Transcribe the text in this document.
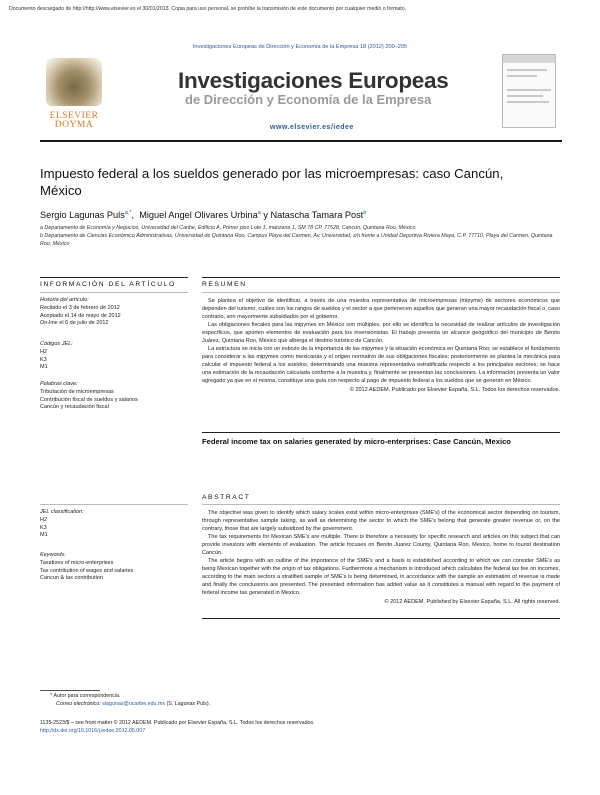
Documento descargado de http://http://www.elsevier.es el 30/01/2013. Copia para uso personal, se prohíbe la transmisión de este documento por cualquier medio o formato.
Investigaciones Europeas de Dirección y Economía de la Empresa 18 (2012) 200–205
ELSEVIER DOYMA
Investigaciones Europeas
de Dirección y Economía de la Empresa
www.elsevier.es/iedee
Impuesto federal a los sueldos generado por las microempresas: caso Cancún, México
Sergio Lagunas Puls$^{a,*}$, Miguel Angel Olivares Urbina$^a$ y Natascha Tamara Post$^b$
a Departamento de Economía y Negocios, Universidad del Caribe, Edificio A, Primer piso Lote 1, manzana 1, SM 78 CP. 77528, Cancún, Quintana Roo, México
b Departamento de Ciencias Económico Administrativas, Universidad de Quintana Roo, Campus Playa del Carmen, Av. Universidad, s/n frente a Unidad Deportiva Riviera Maya, C.P. 77710, Playa del Carmen, Quintana Roo, México
INFORMACIÓN DEL ARTÍCULO	RESUMEN
Historia del artículo:
Recibido el 3 de febrero de 2012
Aceptado el 14 de mayo de 2012
On-line el 6 de julio de 2012
Códigos JEL:
H2
K3
M1
Palabras clave:
Tributación de microempresas
Contribución fiscal de sueldos y salarios
Cancún y recaudación fiscal

Se plantea el objetivo de identificar, a través de una muestra representativa de microempresas (mipyme) de sectores económicos que dependen del turismo, cuáles son los rangos de sueldos y el sector a que pertenecen aquellos que generan una mayor recaudación fiscal o, caso contrario, son mayormente subsidiados por el gobierno.

Las obligaciones fiscales para las mipymes en México son múltiples, por ello se identifica la necesidad de realizar artículos de investigación específicos, que aporten elementos de evaluación para los inversionistas. El trabajo presenta un alcance geográfico del municipio de Benito Juárez, Quintana Roo, México que alberga el destino turístico de Cancún.

La estructura se inicia con un esbozo de la importancia de las mipymes y la situación económica en Quintana Roo; se establece el fundamento para considerar a las mipymes como mexicanas y el origen normativo de sus obligaciones fiscales; posteriormente se plantea la mecánica para calcular el impuesto federal a los sueldos, determinando una muestra representativa estratificada respecto a los principales sectores; se hace una estimación de la recaudación calculada conforme a la muestra y, finalmente se presentan las conclusiones. La información presenta un valor agregado ya que en sí misma, constituye una guía con respecto al pago de impuesto federal a los sueldos que se generan en México.

© 2012 AEDEM. Publicado por Elsevier España, S.L. Todos los derechos reservados.

Federal income tax on salaries generated by micro-enterprises: Case Cancún, Mexico
ABSTRACT
JEL classification:
H2
K3
M1
Keywords:
Taxations of micro-enterprises
Tax contribution of wages and salaries
Cancun & tax contribution

The objective was given to identify which salary scales exist within micro-enterprises (SME's) of the economical sector depending on tourism, through representative sample taking, as well as determining the sector to which the SME's belong that generate greater revenue or, on the contrary, those that are largely subsidized by the government.

The tax requirements for Mexican SME's are multiple. There is therefore a necessity for specific research and articles on this subject that can provide investors with elements of evaluation. The article focuses on Benito Juarez County, Quintana Roo, Mexico, home to tourist destination Cancún.

The article begins with an outline of the importance of the SME's and a basis is established according to which we can consider SME's as being Mexican together with the origin of tax obligations. Furthermore a mechanism is introduced which calculates the federal tax fee on incomes, according to the main sectors a stratified sample of SME's is being determined, in accordance with the sample an estimation of revenue is made and finally the conclusions are presented. The presented information has added value as it constitutes a manual with regard to the payment of federal income tax generated in Mexico.

© 2012 AEDEM. Published by Elsevier España, S.L. All rights reserved.

* Autor para correspondencia.
Correo electrónico: slagunas@ucaribe.edu.mx (S. Lagunas Puls).
1135-2523/$ – see front matter © 2012 AEDEM. Publicado por Elsevier España, S.L. Todos los derechos reservados.
http://dx.doi.org/10.1016/j.iedee.2012.05.007
